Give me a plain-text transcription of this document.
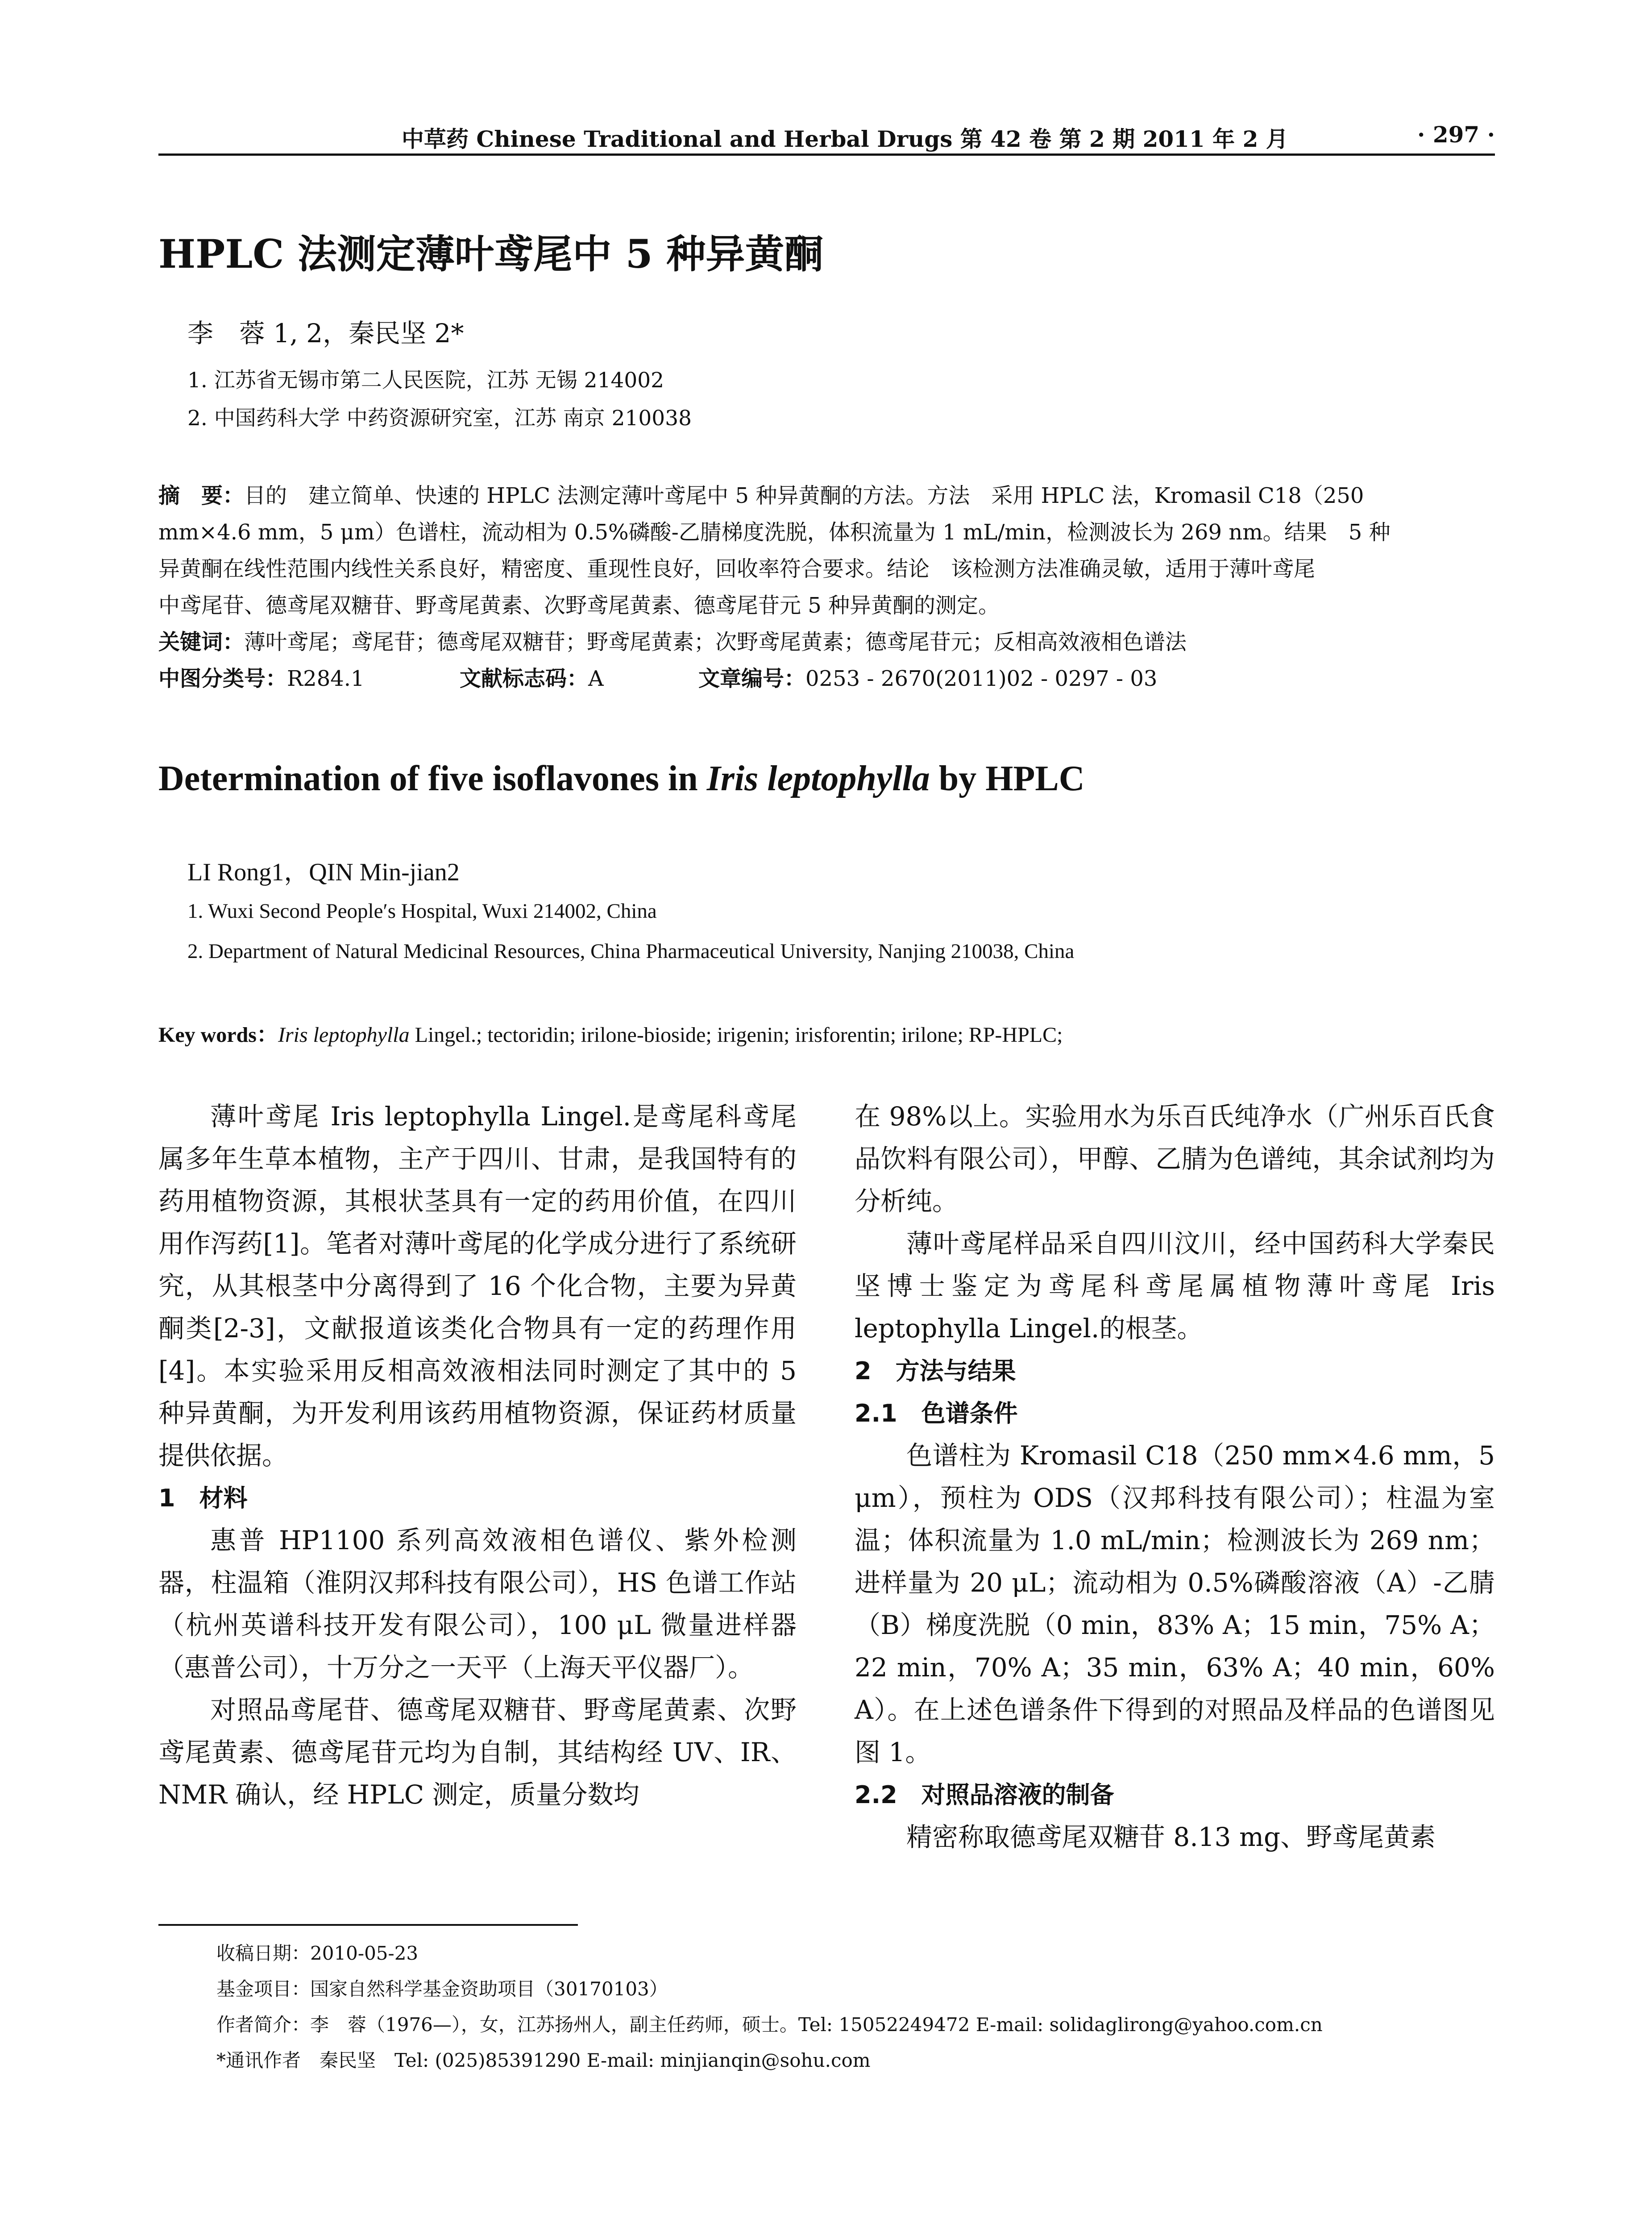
中草药 Chinese Traditional and Herbal Drugs 第 42 卷 第 2 期 2011 年 2 月	· 297 ·
HPLC 法测定薄叶鸢尾中 5 种异黄酮
李　蓉 1, 2，秦民坚 2*
1. 江苏省无锡市第二人民医院，江苏 无锡 214002
2. 中国药科大学 中药资源研究室，江苏 南京 210038
摘　要：目的　建立简单、快速的 HPLC 法测定薄叶鸢尾中 5 种异黄酮的方法。方法　采用 HPLC 法，Kromasil C18（250
mm×4.6 mm，5 μm）色谱柱，流动相为 0.5%磷酸-乙腈梯度洗脱，体积流量为 1 mL/min，检测波长为 269 nm。结果　5 种
异黄酮在线性范围内线性关系良好，精密度、重现性良好，回收率符合要求。结论　该检测方法准确灵敏，适用于薄叶鸢尾
中鸢尾苷、德鸢尾双糖苷、野鸢尾黄素、次野鸢尾黄素、德鸢尾苷元 5 种异黄酮的测定。
关键词：薄叶鸢尾；鸢尾苷；德鸢尾双糖苷；野鸢尾黄素；次野鸢尾黄素；德鸢尾苷元；反相高效液相色谱法
中图分类号：R284.1	文献标志码：A	文章编号：0253 - 2670(2011)02 - 0297 - 03
Determination of five isoflavones in Iris leptophylla by HPLC
LI Rong1，QIN Min-jian2
1. Wuxi Second People′s Hospital, Wuxi 214002, China
2. Department of Natural Medicinal Resources, China Pharmaceutical University, Nanjing 210038, China
Key words：Iris leptophylla Lingel.; tectoridin; irilone-bioside; irigenin; irisforentin; irilone; RP-HPLC;

薄叶鸢尾 Iris leptophylla Lingel.是鸢尾科鸢尾属多年生草本植物，主产于四川、甘肃，是我国特有的药用植物资源，其根状茎具有一定的药用价值，在四川用作泻药[1]。笔者对薄叶鸢尾的化学成分进行了系统研究，从其根茎中分离得到了 16 个化合物，主要为异黄酮类[2-3]，文献报道该类化合物具有一定的药理作用[4]。本实验采用反相高效液相法同时测定了其中的 5 种异黄酮，为开发利用该药用植物资源，保证药材质量提供依据。

1　材料

惠普 HP1100 系列高效液相色谱仪、紫外检测器，柱温箱（淮阴汉邦科技有限公司），HS 色谱工作站（杭州英谱科技开发有限公司），100 μL 微量进样器（惠普公司），十万分之一天平（上海天平仪器厂）。

对照品鸢尾苷、德鸢尾双糖苷、野鸢尾黄素、次野鸢尾黄素、德鸢尾苷元均为自制，其结构经 UV、IR、NMR 确认，经 HPLC 测定，质量分数均

在 98%以上。实验用水为乐百氏纯净水（广州乐百氏食品饮料有限公司），甲醇、乙腈为色谱纯，其余试剂均为分析纯。

薄叶鸢尾样品采自四川汶川，经中国药科大学秦民坚博士鉴定为鸢尾科鸢尾属植物薄叶鸢尾 Iris leptophylla Lingel.的根茎。

2　方法与结果

2.1　色谱条件

色谱柱为 Kromasil C18（250 mm×4.6 mm，5 μm），预柱为 ODS（汉邦科技有限公司）；柱温为室温；体积流量为 1.0 mL/min；检测波长为 269 nm；进样量为 20 μL；流动相为 0.5%磷酸溶液（A）-乙腈（B）梯度洗脱（0 min，83% A；15 min，75% A；22 min，70% A；35 min，63% A；40 min，60% A）。在上述色谱条件下得到的对照品及样品的色谱图见图 1。

2.2　对照品溶液的制备

精密称取德鸢尾双糖苷 8.13 mg、野鸢尾黄素

收稿日期：2010-05-23
基金项目：国家自然科学基金资助项目（30170103）
作者简介：李　蓉（1976—），女，江苏扬州人，副主任药师，硕士。Tel: 15052249472 E-mail: solidaglirong@yahoo.com.cn
*通讯作者　秦民坚　Tel: (025)85391290 E-mail: minjianqin@sohu.com
